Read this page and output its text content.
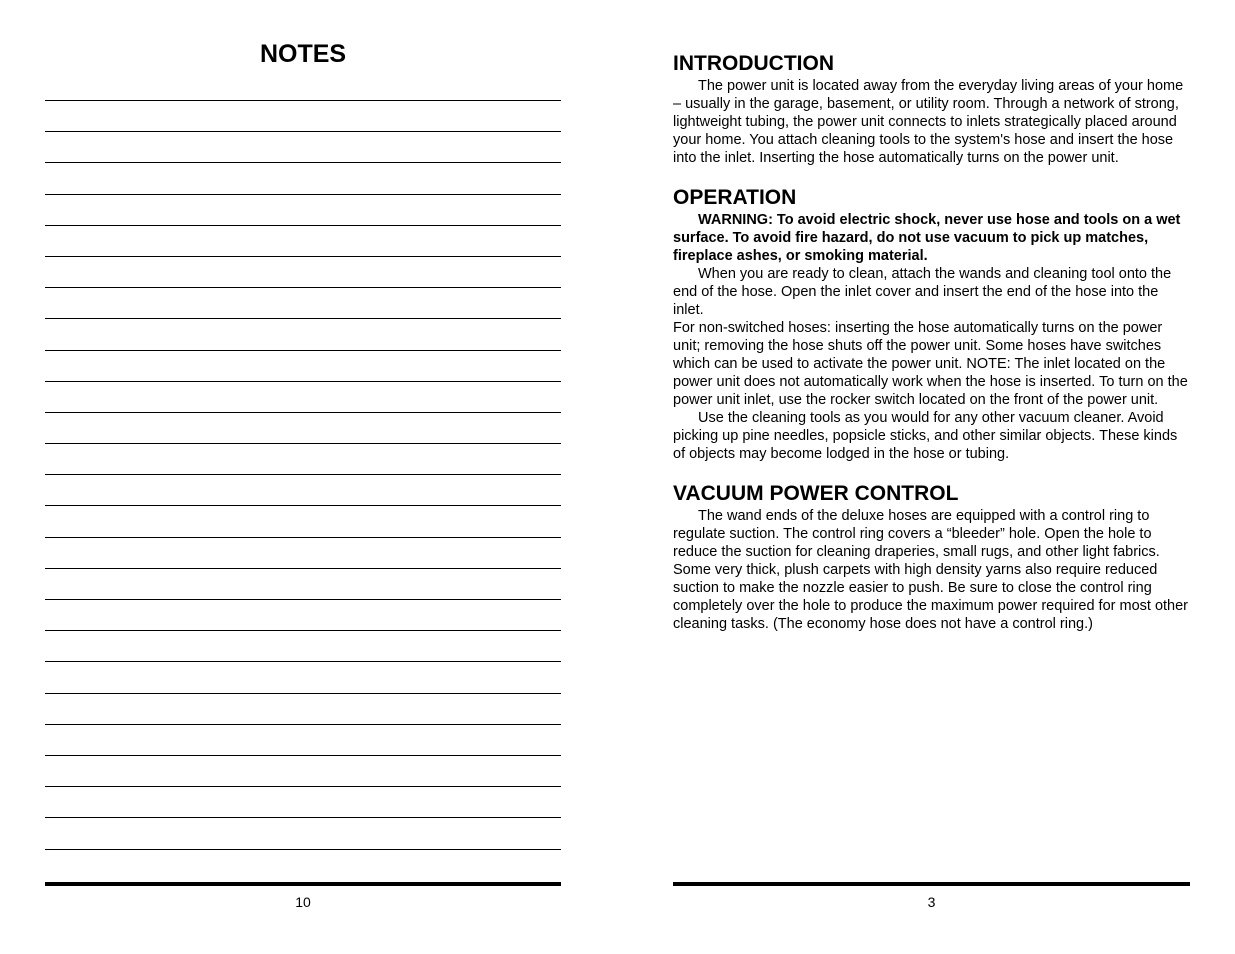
NOTES
10
INTRODUCTION

The power unit is located away from the everyday living areas of your home – usually in the garage, basement, or utility room. Through a network of strong, lightweight tubing, the power unit connects to inlets strategically placed around your home. You attach cleaning tools to the system's hose and insert the hose into the inlet. Inserting the hose automatically turns on the power unit.

OPERATION

WARNING: To avoid electric shock, never use hose and tools on a wet surface. To avoid fire hazard, do not use vacuum to pick up matches, fireplace ashes, or smoking material.

When you are ready to clean, attach the wands and cleaning tool onto the end of the hose. Open the inlet cover and insert the end of the hose into the inlet.

For non-switched hoses: inserting the hose automatically turns on the power unit; removing the hose shuts off the power unit. Some hoses have switches which can be used to activate the power unit. NOTE: The inlet located on the power unit does not automatically work when the hose is inserted. To turn on the power unit inlet, use the rocker switch located on the front of the power unit.

Use the cleaning tools as you would for any other vacuum cleaner. Avoid picking up pine needles, popsicle sticks, and other similar objects. These kinds of objects may become lodged in the hose or tubing.

VACUUM POWER CONTROL

The wand ends of the deluxe hoses are equipped with a control ring to regulate suction. The control ring covers a “bleeder” hole. Open the hole to reduce the suction for cleaning draperies, small rugs, and other light fabrics. Some very thick, plush carpets with high density yarns also require reduced suction to make the nozzle easier to push. Be sure to close the control ring completely over the hole to produce the maximum power required for most other cleaning tasks. (The economy hose does not have a control ring.)

3
